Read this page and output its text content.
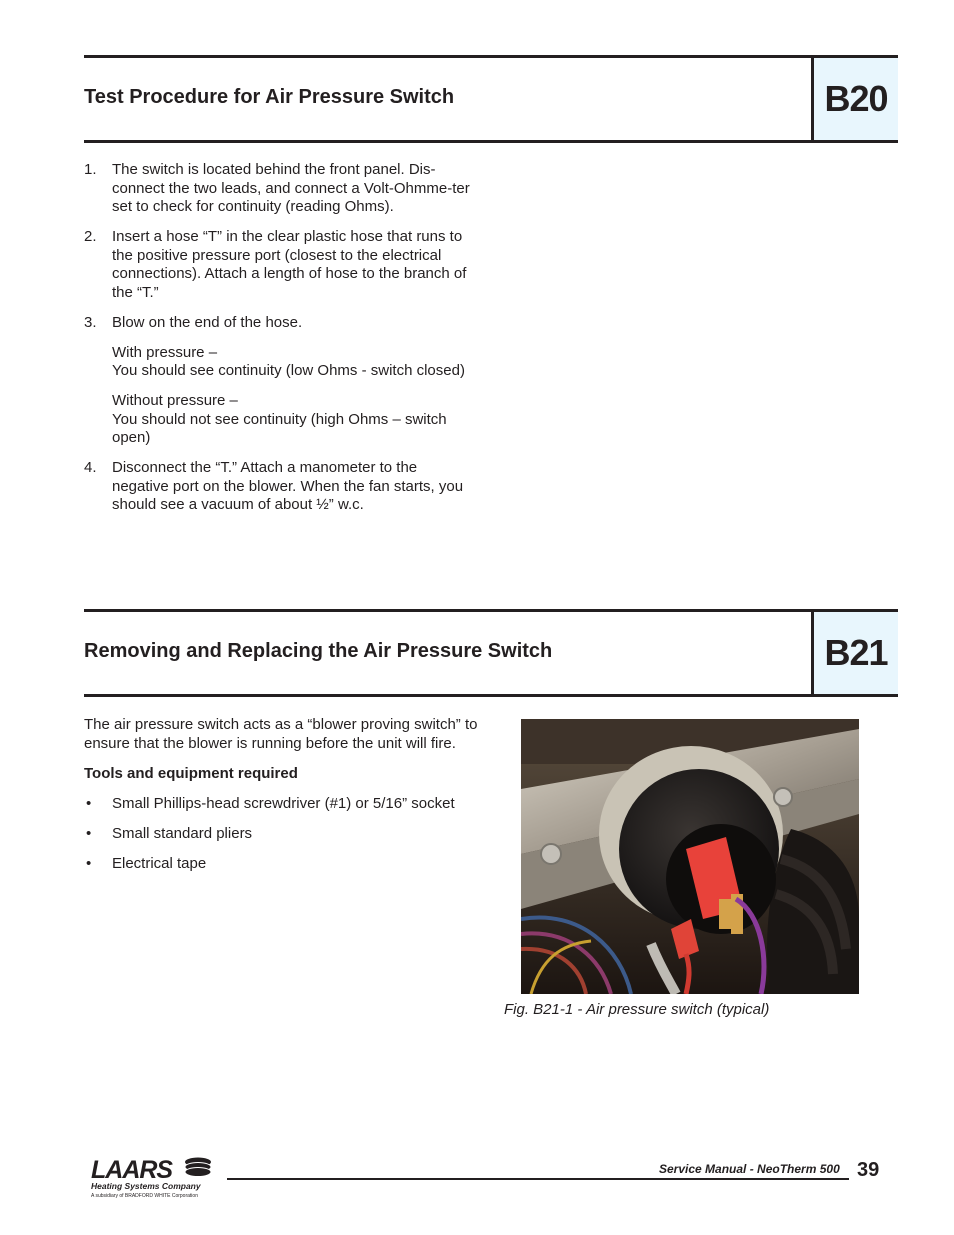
Test Procedure for Air Pressure Switch	B20
1. The switch is located behind the front panel. Dis-connect the two leads, and connect a Volt-Ohmme-ter set to check for continuity (reading Ohms).
2. Insert a hose “T” in the clear plastic hose that runs to the positive pressure port (closest to the electrical connections). Attach a length of hose to the branch of the “T.”
3. Blow on the end of the hose.

With pressure –
You should see continuity (low Ohms - switch closed)

Without pressure –
You should not see continuity (high Ohms – switch open)

4. Disconnect the “T.” Attach a manometer to the negative port on the blower. When the fan starts, you should see a vacuum of about ½” w.c.
Removing and Replacing the Air Pressure Switch	B21

The air pressure switch acts as a “blower proving switch” to ensure that the blower is running before the unit will fire.

Tools and equipment required

• Small Phillips-head screwdriver (#1) or 5/16” socket
• Small standard pliers
• Electrical tape
Fig. B21-1 - Air pressure switch (typical)
LAARS
Heating Systems Company
A subsidiary of BRADFORD WHITE Corporation
Service Manual - NeoTherm 500 39
